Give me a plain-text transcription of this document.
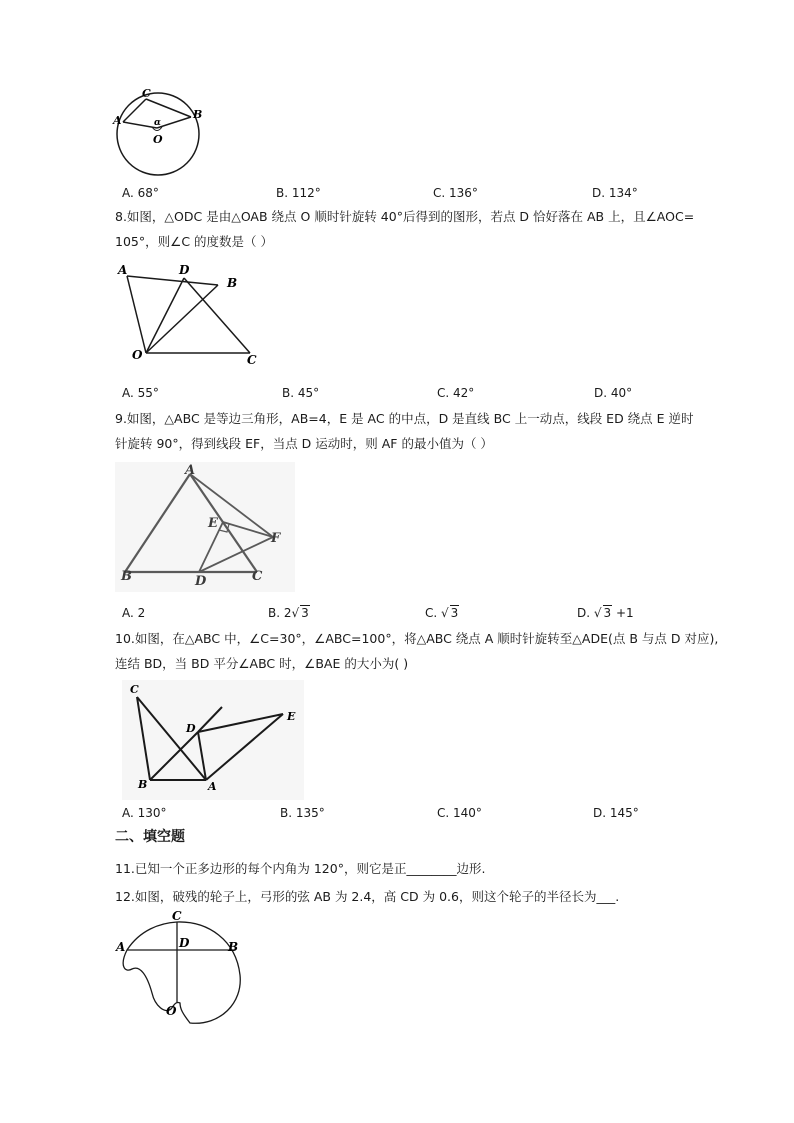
C
A	B
α
O
A. 68°	B. 112°	C. 136°	D. 134°
8.如图，△ODC 是由△OAB 绕点 O 顺时针旋转 40°后得到的图形，若点 D 恰好落在 AB 上，且∠AOC=
105°，则∠C 的度数是（ ）
A	D
B
O	C
A. 55°	B. 45°	C. 42°	D. 40°
9.如图，△ABC 是等边三角形，AB=4，E 是 AC 的中点，D 是直线 BC 上一动点，线段 ED 绕点 E 逆时
针旋转 90°，得到线段 EF，当点 D 运动时，则 AF 的最小值为（ ）
A
E
F
B	D	C
A. 2	B. 2√ 3	C. √ 3	D. √ 3 +1
10.如图，在△ABC 中，∠C=30°，∠ABC=100°，将△ABC 绕点 A 顺时针旋转至△ADE(点 B 与点 D 对应),
连结 BD，当 BD 平分∠ABC 时，∠BAE 的大小为( )
C
D
E
B	A
A. 130°	B. 135°	C. 140°	D. 145°
二、填空题
11.已知一个正多边形的每个内角为 120°，则它是正________边形.
12.如图，破残的轮子上，弓形的弦 AB 为 2.4，高 CD 为 0.6，则这个轮子的半径长为___.
C
A	D	B
O
